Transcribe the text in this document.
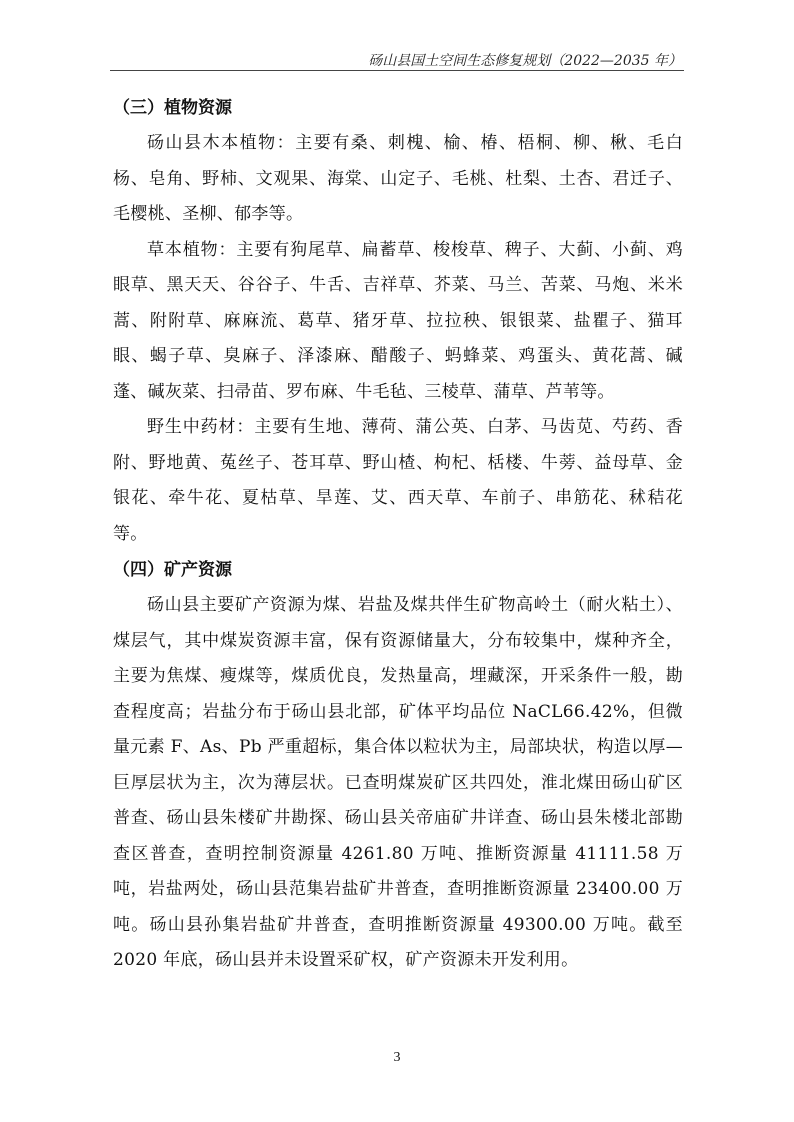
砀山县国土空间生态修复规划（2022—2035 年）
（三）植物资源

砀山县木本植物：主要有桑、刺槐、榆、椿、梧桐、柳、楸、毛白杨、皂角、野柿、文观果、海棠、山定子、毛桃、杜梨、土杏、君迁子、毛樱桃、圣柳、郁李等。

草本植物：主要有狗尾草、扁蓄草、梭梭草、稗子、大蓟、小蓟、鸡眼草、黑天天、谷谷子、牛舌、吉祥草、芥菜、马兰、苦菜、马炮、米米蒿、附附草、麻麻流、葛草、猪牙草、拉拉秧、银银菜、盐瞿子、猫耳眼、蝎子草、臭麻子、泽漆麻、醋酸子、蚂蜂菜、鸡蛋头、黄花蒿、碱蓬、碱灰菜、扫帚苗、罗布麻、牛毛毡、三棱草、蒲草、芦苇等。

野生中药材：主要有生地、薄荷、蒲公英、白茅、马齿苋、芍药、香附、野地黄、菟丝子、苍耳草、野山楂、枸杞、栝楼、牛蒡、益母草、金银花、牵牛花、夏枯草、旱莲、艾、西天草、车前子、串筋花、秫秸花等。

（四）矿产资源

砀山县主要矿产资源为煤、岩盐及煤共伴生矿物高岭土（耐火粘土）、煤层气，其中煤炭资源丰富，保有资源储量大，分布较集中，煤种齐全，主要为焦煤、瘦煤等，煤质优良，发热量高，埋藏深，开采条件一般，勘查程度高；岩盐分布于砀山县北部，矿体平均品位 NaCL66.42%，但微量元素 F、As、Pb 严重超标，集合体以粒状为主，局部块状，构造以厚—巨厚层状为主，次为薄层状。已查明煤炭矿区共四处，淮北煤田砀山矿区普查、砀山县朱楼矿井勘探、砀山县关帝庙矿井详查、砀山县朱楼北部勘查区普查，查明控制资源量 4261.80 万吨、推断资源量 41111.58 万吨，岩盐两处，砀山县范集岩盐矿井普查，查明推断资源量 23400.00 万吨。砀山县孙集岩盐矿井普查，查明推断资源量 49300.00 万吨。截至 2020 年底，砀山县并未设置采矿权，矿产资源未开发利用。

3
